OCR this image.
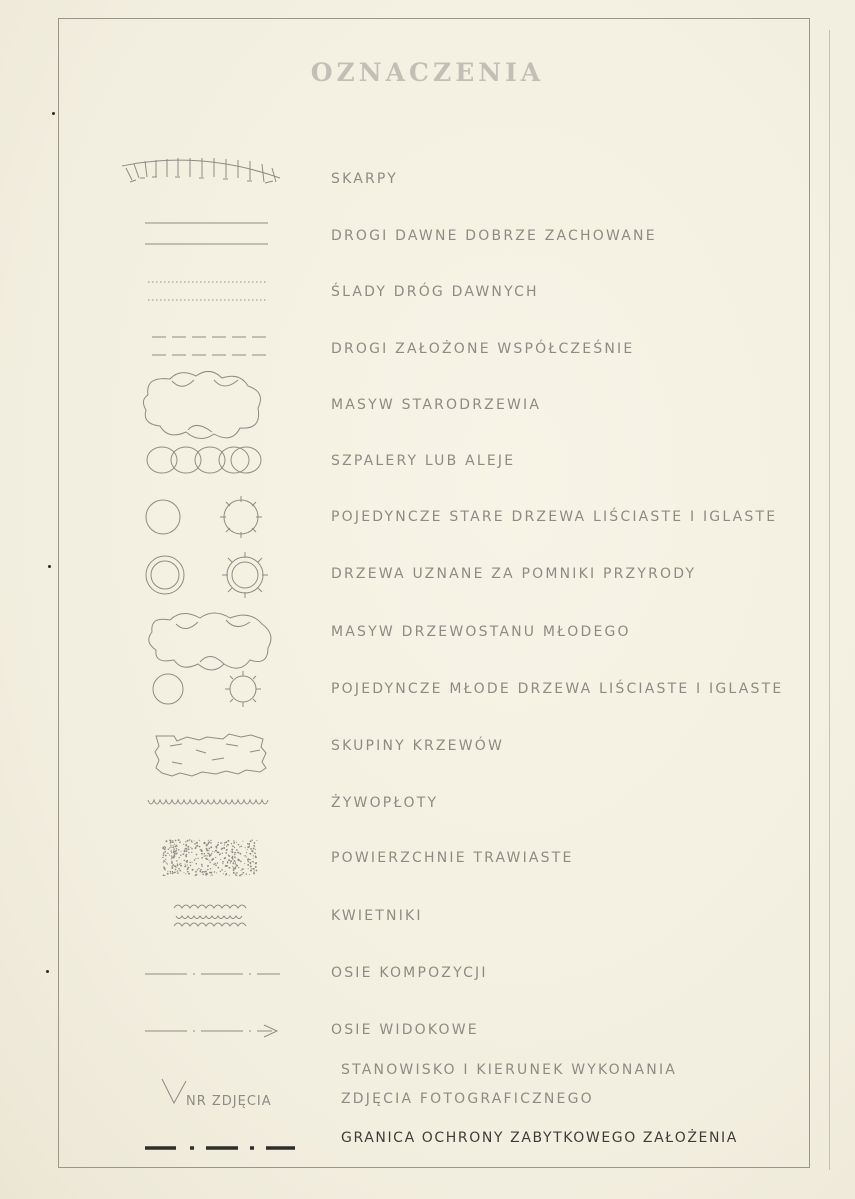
OZNACZENIA
SKARPY
DROGI DAWNE DOBRZE ZACHOWANE
ŚLADY DRÓG DAWNYCH
DROGI ZAŁOŻONE WSPÓŁCZEŚNIE
MASYW STARODRZEWIA
SZPALERY LUB ALEJE
POJEDYNCZE STARE DRZEWA LIŚCIASTE I IGLASTE
DRZEWA UZNANE ZA POMNIKI PRZYRODY
MASYW DRZEWOSTANU MŁODEGO
POJEDYNCZE MŁODE DRZEWA LIŚCIASTE I IGLASTE
SKUPINY KRZEWÓW
ŻYWOPŁOTY
POWIERZCHNIE TRAWIASTE
KWIETNIKI
OSIE KOMPOZYCJI
OSIE WIDOKOWE
STANOWISKO I KIERUNEK WYKONANIA
ZDJĘCIA FOTOGRAFICZNEGO
NR ZDJĘCIA
GRANICA OCHRONY ZABYTKOWEGO ZAŁOŻENIA
